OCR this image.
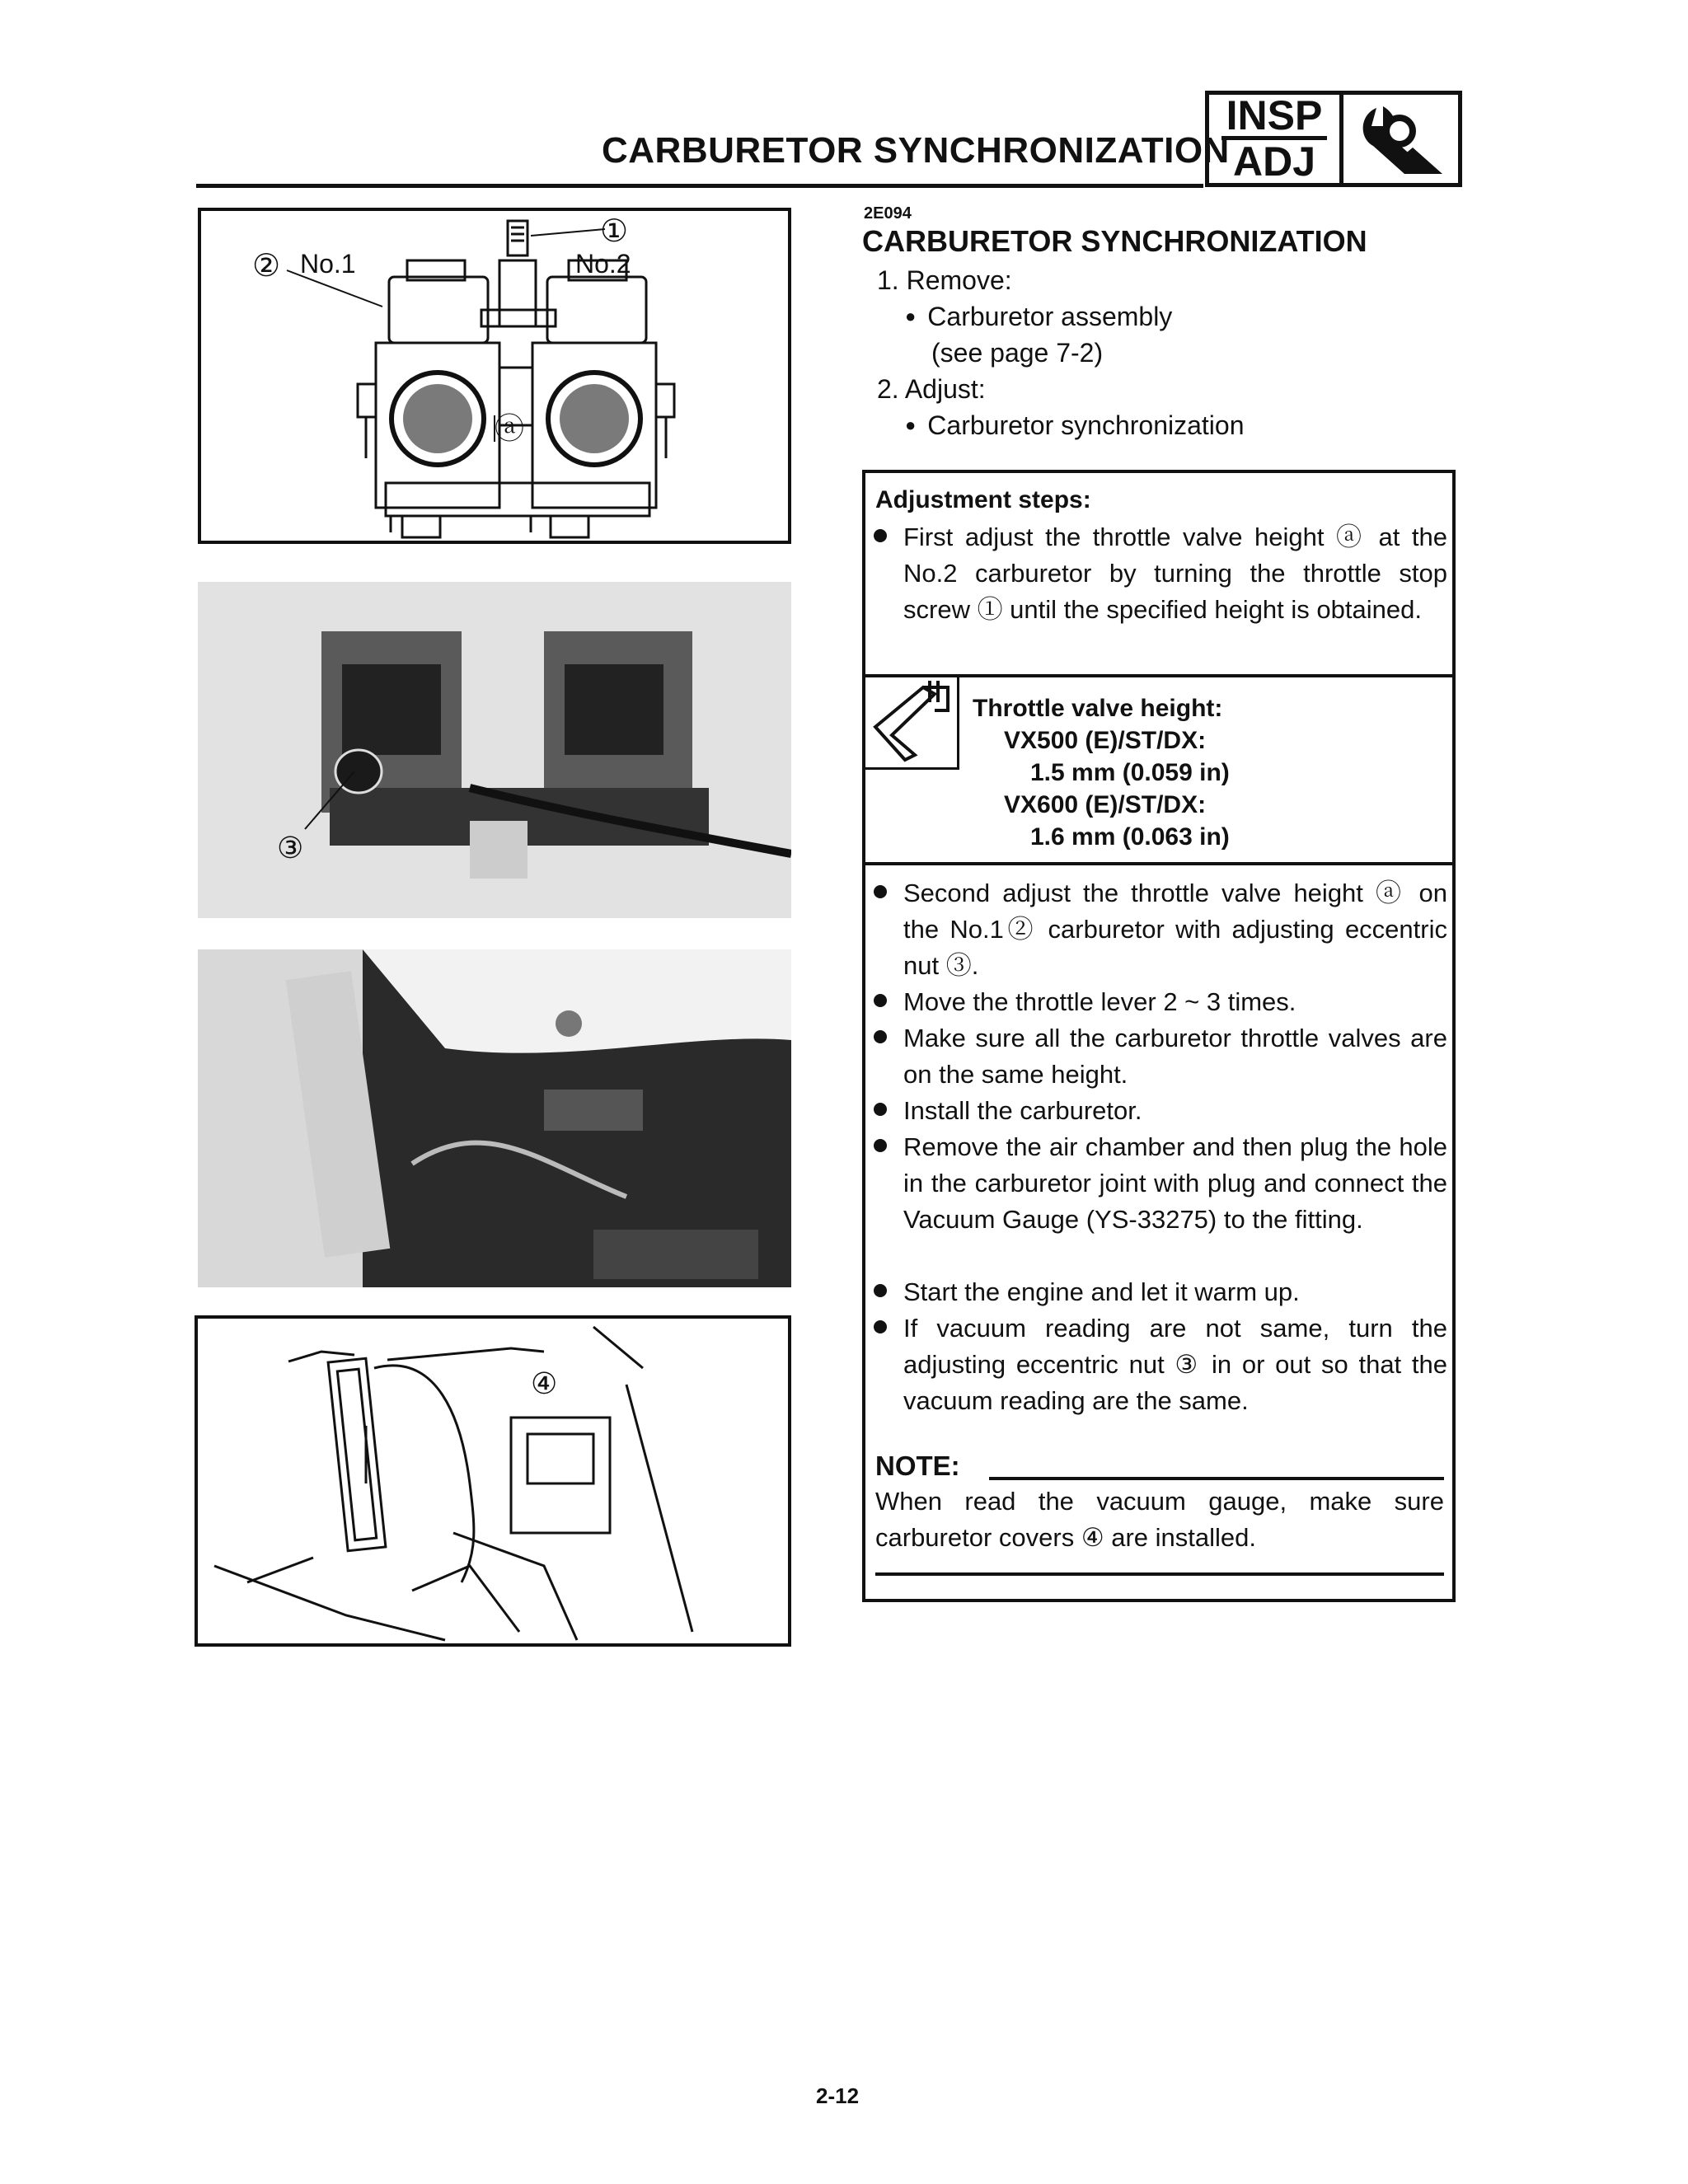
CARBURETOR SYNCHRONIZATION
INSP
ADJ
①
②
ⓐ
No.1	No.2
③
④
2E094
CARBURETOR SYNCHRONIZATION
1. Remove:
● Carburetor assembly
(see page 7-2)
2. Adjust:
● Carburetor synchronization
Adjustment steps:
First adjust the throttle valve height ⓐ at the No.2 carburetor by turning the throttle stop screw ① until the specified height is obtained.
Throttle valve height:
VX500 (E)/ST/DX:
1.5 mm (0.059 in)
VX600 (E)/ST/DX:
1.6 mm (0.063 in)
Second adjust the throttle valve height ⓐ on the No.1② carburetor with adjusting eccentric nut ③.
Move the throttle lever 2 ~ 3 times.
Make sure all the carburetor throttle valves are on the same height.
Install the carburetor.
Remove the air chamber and then plug the hole in the carburetor joint with plug and connect the Vacuum Gauge (YS-33275) to the fitting.
Start the engine and let it warm up.
If vacuum reading are not same, turn the adjusting eccentric nut ③ in or out so that the vacuum reading are the same.
NOTE:
When read the vacuum gauge, make sure carburetor covers ④ are installed.
2-12
